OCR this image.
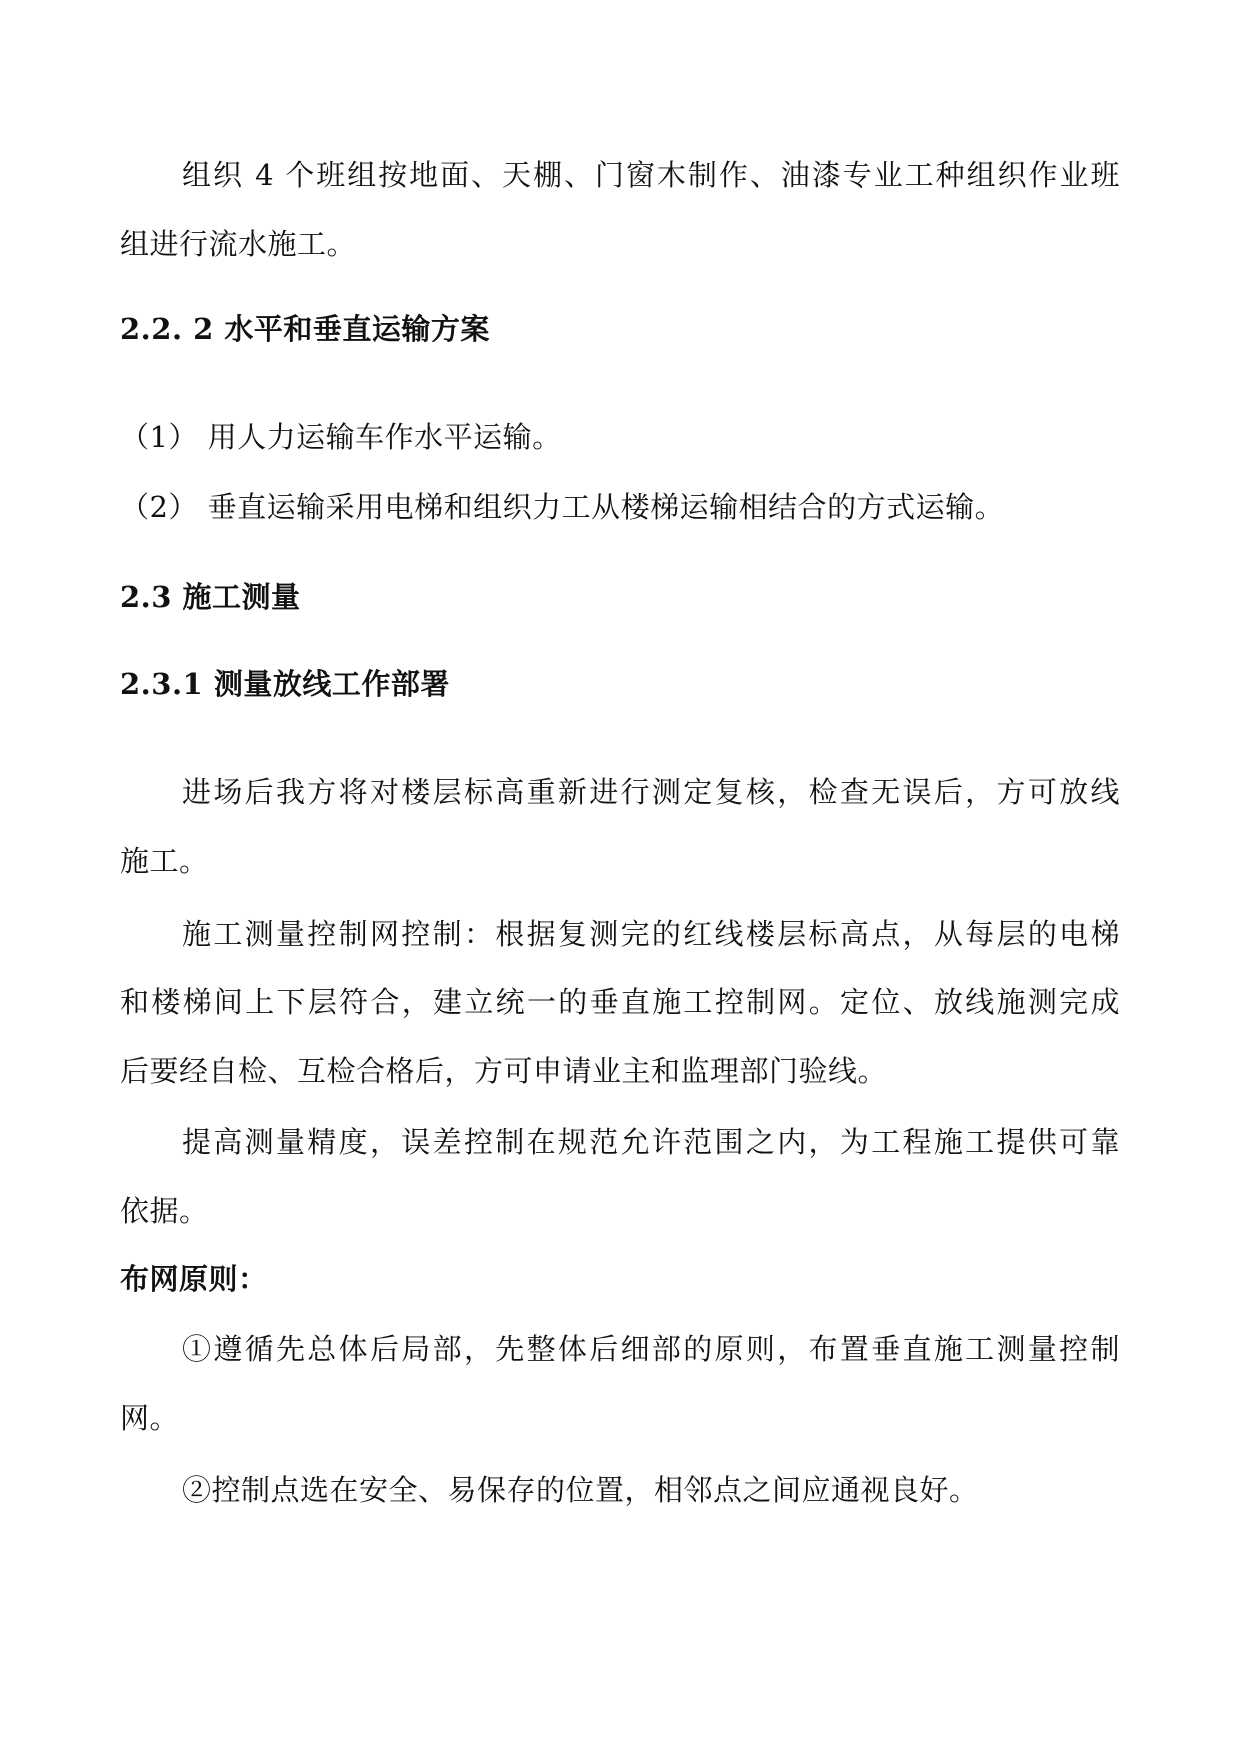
组织 4 个班组按地面、天棚、门窗木制作、油漆专业工种组织作业班
组进行流水施工。
2.2. 2 水平和垂直运输方案
（1） 用人力运输车作水平运输。
（2） 垂直运输采用电梯和组织力工从楼梯运输相结合的方式运输。
2.3 施工测量
2.3.1 测量放线工作部署
进场后我方将对楼层标高重新进行测定复核，检查无误后，方可放线
施工。
施工测量控制网控制：根据复测完的红线楼层标高点，从每层的电梯
和楼梯间上下层符合，建立统一的垂直施工控制网。定位、放线施测完成
后要经自检、互检合格后，方可申请业主和监理部门验线。
提高测量精度，误差控制在规范允许范围之内，为工程施工提供可靠
依据。
布网原则：
①遵循先总体后局部，先整体后细部的原则，布置垂直施工测量控制
网。
②控制点选在安全、易保存的位置，相邻点之间应通视良好。
